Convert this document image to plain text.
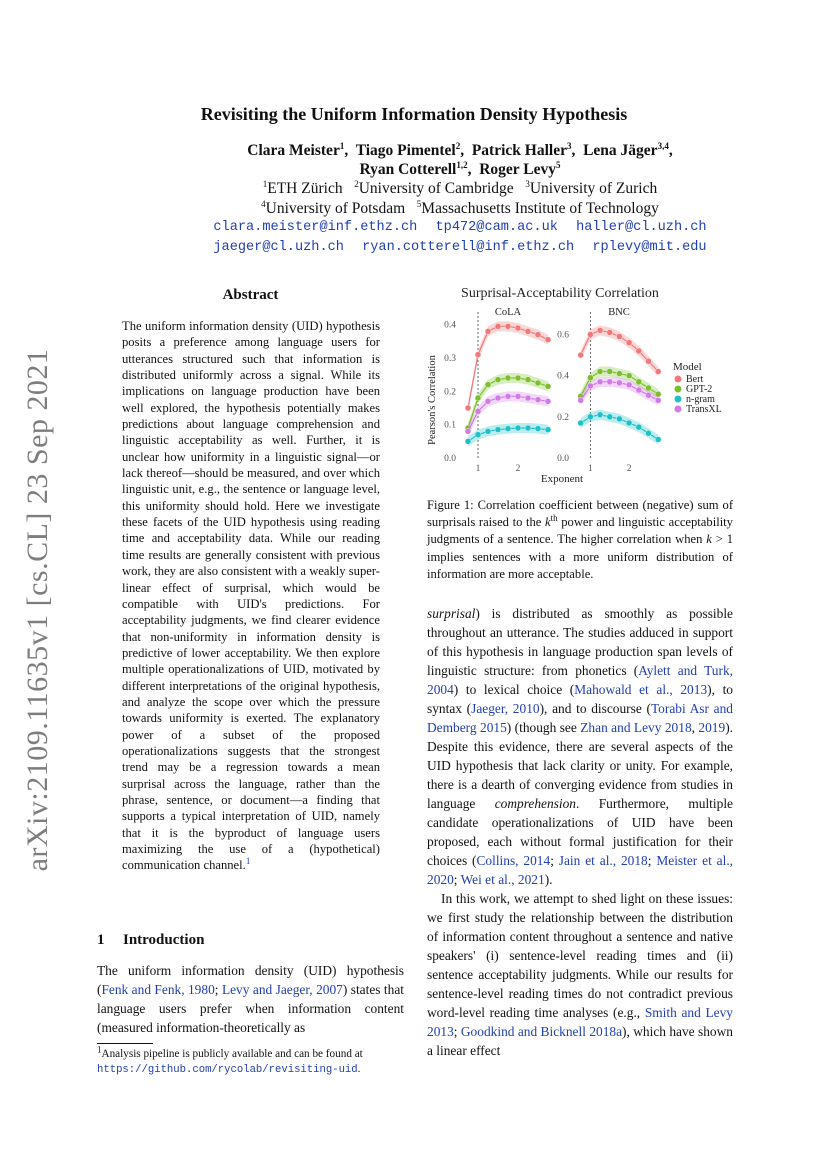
arXiv:2109.11635v1 [cs.CL] 23 Sep 2021
Revisiting the Uniform Information Density Hypothesis
Clara Meister$^1$,  Tiago Pimentel$^2$,  Patrick Haller$^3$,  Lena Jäger$^{3,4}$,
Ryan Cotterell$^{1,2}$,  Roger Levy$^5$
$^1$ETH Zürich $^2$University of Cambridge $^3$University of Zurich
$^4$University of Potsdam $^5$Massachusetts Institute of Technology
clara.meister@inf.ethz.ch tp472@cam.ac.uk haller@cl.uzh.ch
jaeger@cl.uzh.ch ryan.cotterell@inf.ethz.ch rplevy@mit.edu
Abstract
The uniform information density (UID) hypothesis posits a preference among language users for utterances structured such that information is distributed uniformly across a signal. While its implications on language production have been well explored, the hypothesis potentially makes predictions about language comprehension and linguistic acceptability as well. Further, it is unclear how uniformity in a linguistic signal—or lack thereof—should be measured, and over which linguistic unit, e.g., the sentence or language level, this uniformity should hold. Here we investigate these facets of the UID hypothesis using reading time and acceptability data. While our reading time results are generally consistent with previous work, they are also consistent with a weakly super-linear effect of surprisal, which would be compatible with UID's predictions. For acceptability judgments, we find clearer evidence that non-uniformity in information density is predictive of lower acceptability. We then explore multiple operationalizations of UID, motivated by different interpretations of the original hypothesis, and analyze the scope over which the pressure towards uniformity is exerted. The explanatory power of a subset of the proposed operationalizations suggests that the strongest trend may be a regression towards a mean surprisal across the language, rather than the phrase, sentence, or document—a finding that supports a typical interpretation of UID, namely that it is the byproduct of language users maximizing the use of a (hypothetical) communication channel.$^1$
1 Introduction
The uniform information density (UID) hypothesis (Fenk and Fenk, 1980; Levy and Jaeger, 2007) states that language users prefer when information content (measured information-theoretically as
$^1$Analysis pipeline is publicly available and can be found at https://github.com/rycolab/revisiting-uid.
Surprisal-Acceptability Correlation
CoLA	BNC
Pearson's Correlation
Exponent
0.0
0.1
0.2
0.3
0.4
1	2
0.0
0.2
0.4
0.6
1	2
Model
Bert
GPT-2
n-gram
TransXL
Figure 1: Correlation coefficient between (negative) sum of surprisals raised to the $k^{th}$ power and linguistic acceptability judgments of a sentence. The higher correlation when k > 1 implies sentences with a more uniform distribution of information are more acceptable.

surprisal) is distributed as smoothly as possible throughout an utterance. The studies adduced in support of this hypothesis in language production span levels of linguistic structure: from phonetics (Aylett and Turk, 2004) to lexical choice (Mahowald et al., 2013), to syntax (Jaeger, 2010), and to discourse (Torabi Asr and Demberg 2015) (though see Zhan and Levy 2018, 2019). Despite this evidence, there are several aspects of the UID hypothesis that lack clarity or unity. For example, there is a dearth of converging evidence from studies in language comprehension. Furthermore, multiple candidate operationalizations of UID have been proposed, each without formal justification for their choices (Collins, 2014; Jain et al., 2018; Meister et al., 2020; Wei et al., 2021).

In this work, we attempt to shed light on these issues: we first study the relationship between the distribution of information content throughout a sentence and native speakers' (i) sentence-level reading times and (ii) sentence acceptability judgments. While our results for sentence-level reading times do not contradict previous word-level reading time analyses (e.g., Smith and Levy 2013; Goodkind and Bicknell 2018a), which have shown a linear effect
